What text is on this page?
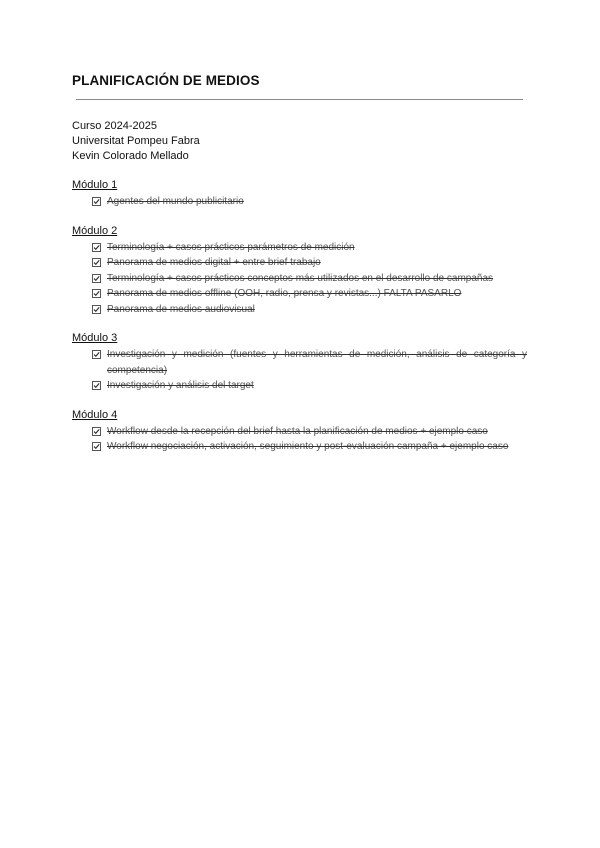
PLANIFICACIÓN DE MEDIOS
Curso 2024-2025
Universitat Pompeu Fabra
Kevin Colorado Mellado
Módulo 1
Agentes del mundo publicitario
Módulo 2
Terminología + casos prácticos parámetros de medición
Panorama de medios digital + entre brief trabajo
Terminología + casos prácticos conceptos más utilizados en el desarrollo de campañas
Panorama de medios offline (OOH, radio, prensa y revistas...) FALTA PASARLO
Panorama de medios audiovisual
Módulo 3
Investigación y medición (fuentes y herramientas de medición, análisis de categoría y competencia)
Investigación y análisis del target
Módulo 4
Workflow desde la recepción del brief hasta la planificación de medios + ejemplo caso
Workflow negociación, activación, seguimiento y post-evaluación campaña + ejemplo caso
